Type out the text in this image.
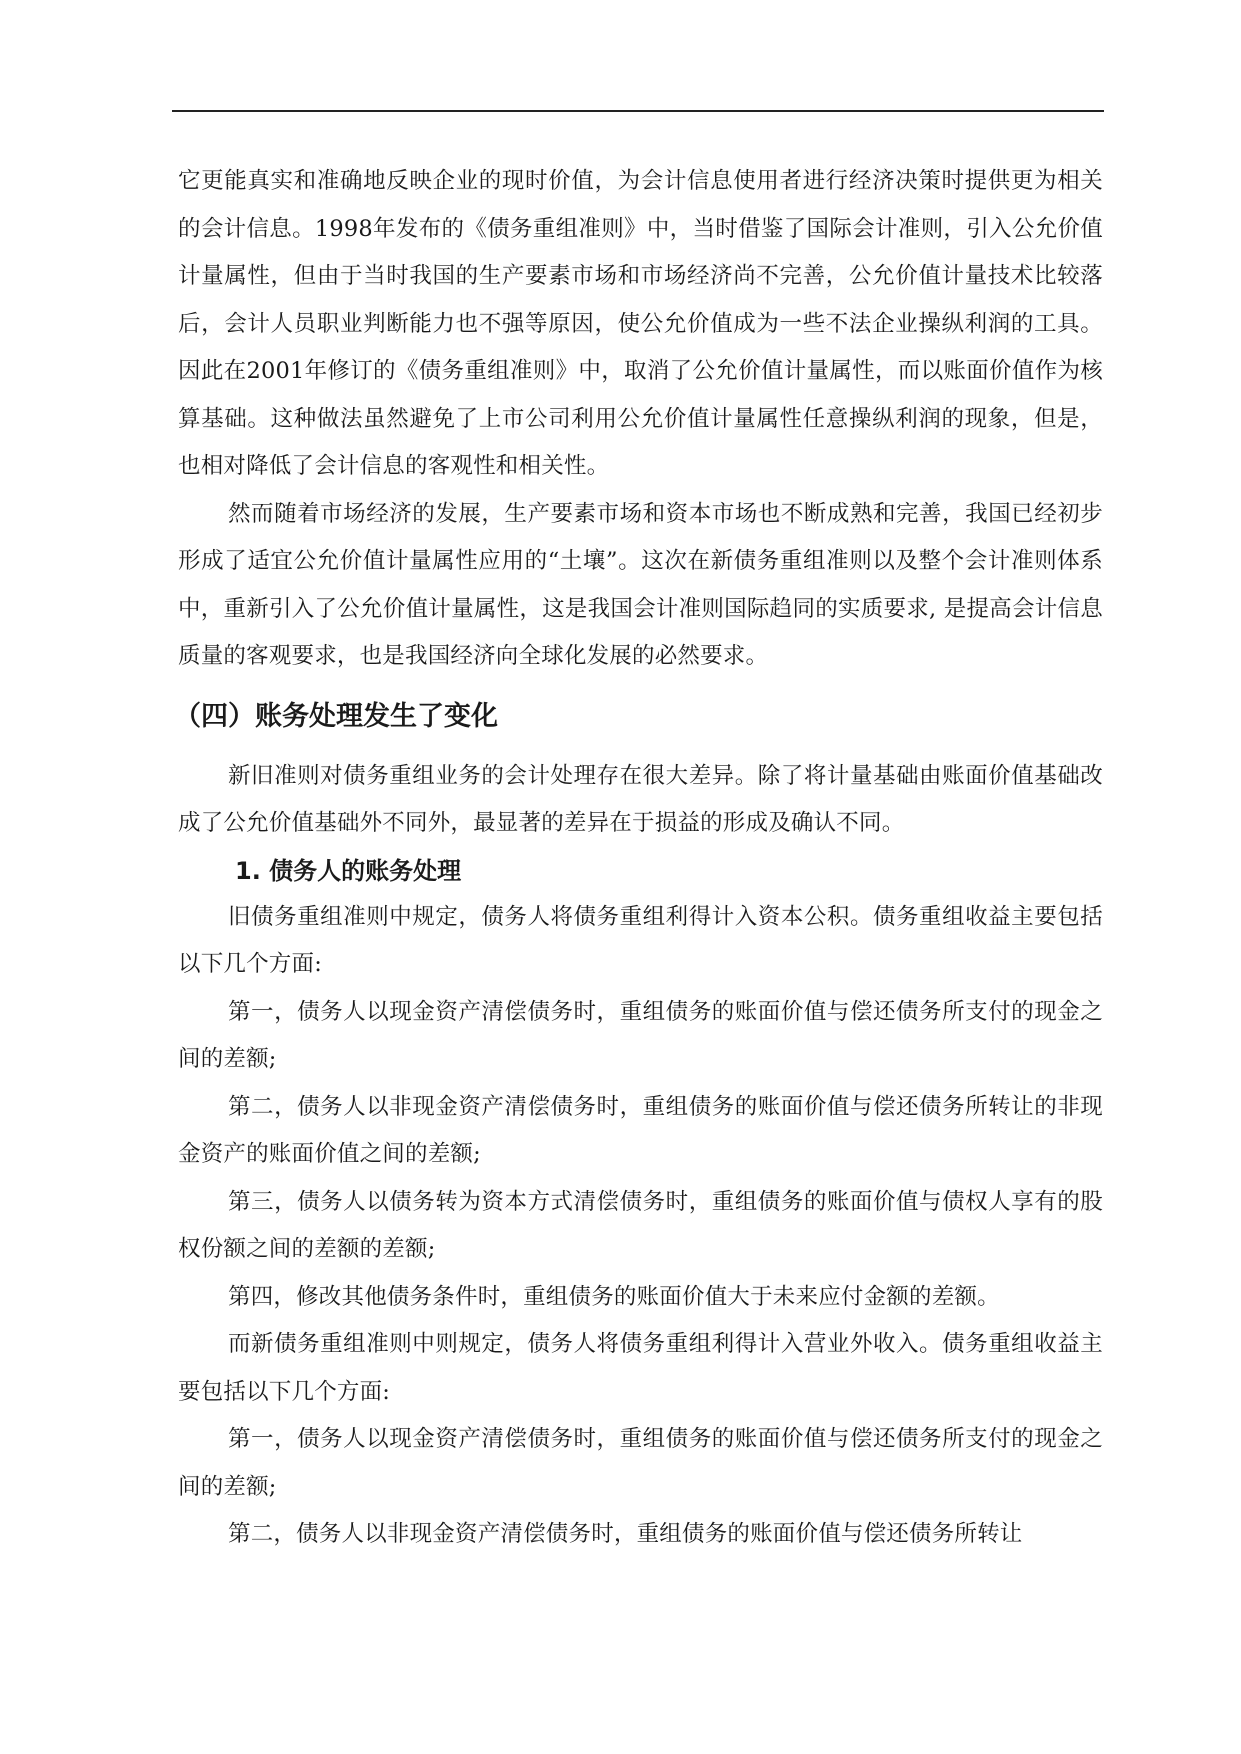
它更能真实和准确地反映企业的现时价值，为会计信息使用者进行经济决策时提供更为相关的会计信息。1998年发布的《债务重组准则》中，当时借鉴了国际会计准则，引入公允价值计量属性，但由于当时我国的生产要素市场和市场经济尚不完善，公允价值计量技术比较落后，会计人员职业判断能力也不强等原因，使公允价值成为一些不法企业操纵利润的工具。因此在2001年修订的《债务重组准则》中，取消了公允价值计量属性，而以账面价值作为核算基础。这种做法虽然避免了上市公司利用公允价值计量属性任意操纵利润的现象，但是，也相对降低了会计信息的客观性和相关性。

然而随着市场经济的发展，生产要素市场和资本市场也不断成熟和完善，我国已经初步形成了适宜公允价值计量属性应用的“土壤”。这次在新债务重组准则以及整个会计准则体系中，重新引入了公允价值计量属性，这是我国会计准则国际趋同的实质要求, 是提高会计信息质量的客观要求，也是我国经济向全球化发展的必然要求。

（四）账务处理发生了变化

新旧准则对债务重组业务的会计处理存在很大差异。除了将计量基础由账面价值基础改成了公允价值基础外不同外，最显著的差异在于损益的形成及确认不同。

1. 债务人的账务处理

旧债务重组准则中规定，债务人将债务重组利得计入资本公积。债务重组收益主要包括以下几个方面:

第一，债务人以现金资产清偿债务时，重组债务的账面价值与偿还债务所支付的现金之间的差额;

第二，债务人以非现金资产清偿债务时，重组债务的账面价值与偿还债务所转让的非现金资产的账面价值之间的差额;

第三，债务人以债务转为资本方式清偿债务时，重组债务的账面价值与债权人享有的股权份额之间的差额的差额;

第四，修改其他债务条件时，重组债务的账面价值大于未来应付金额的差额。

而新债务重组准则中则规定，债务人将债务重组利得计入营业外收入。债务重组收益主要包括以下几个方面:

第一，债务人以现金资产清偿债务时，重组债务的账面价值与偿还债务所支付的现金之间的差额;

第二，债务人以非现金资产清偿债务时，重组债务的账面价值与偿还债务所转让
